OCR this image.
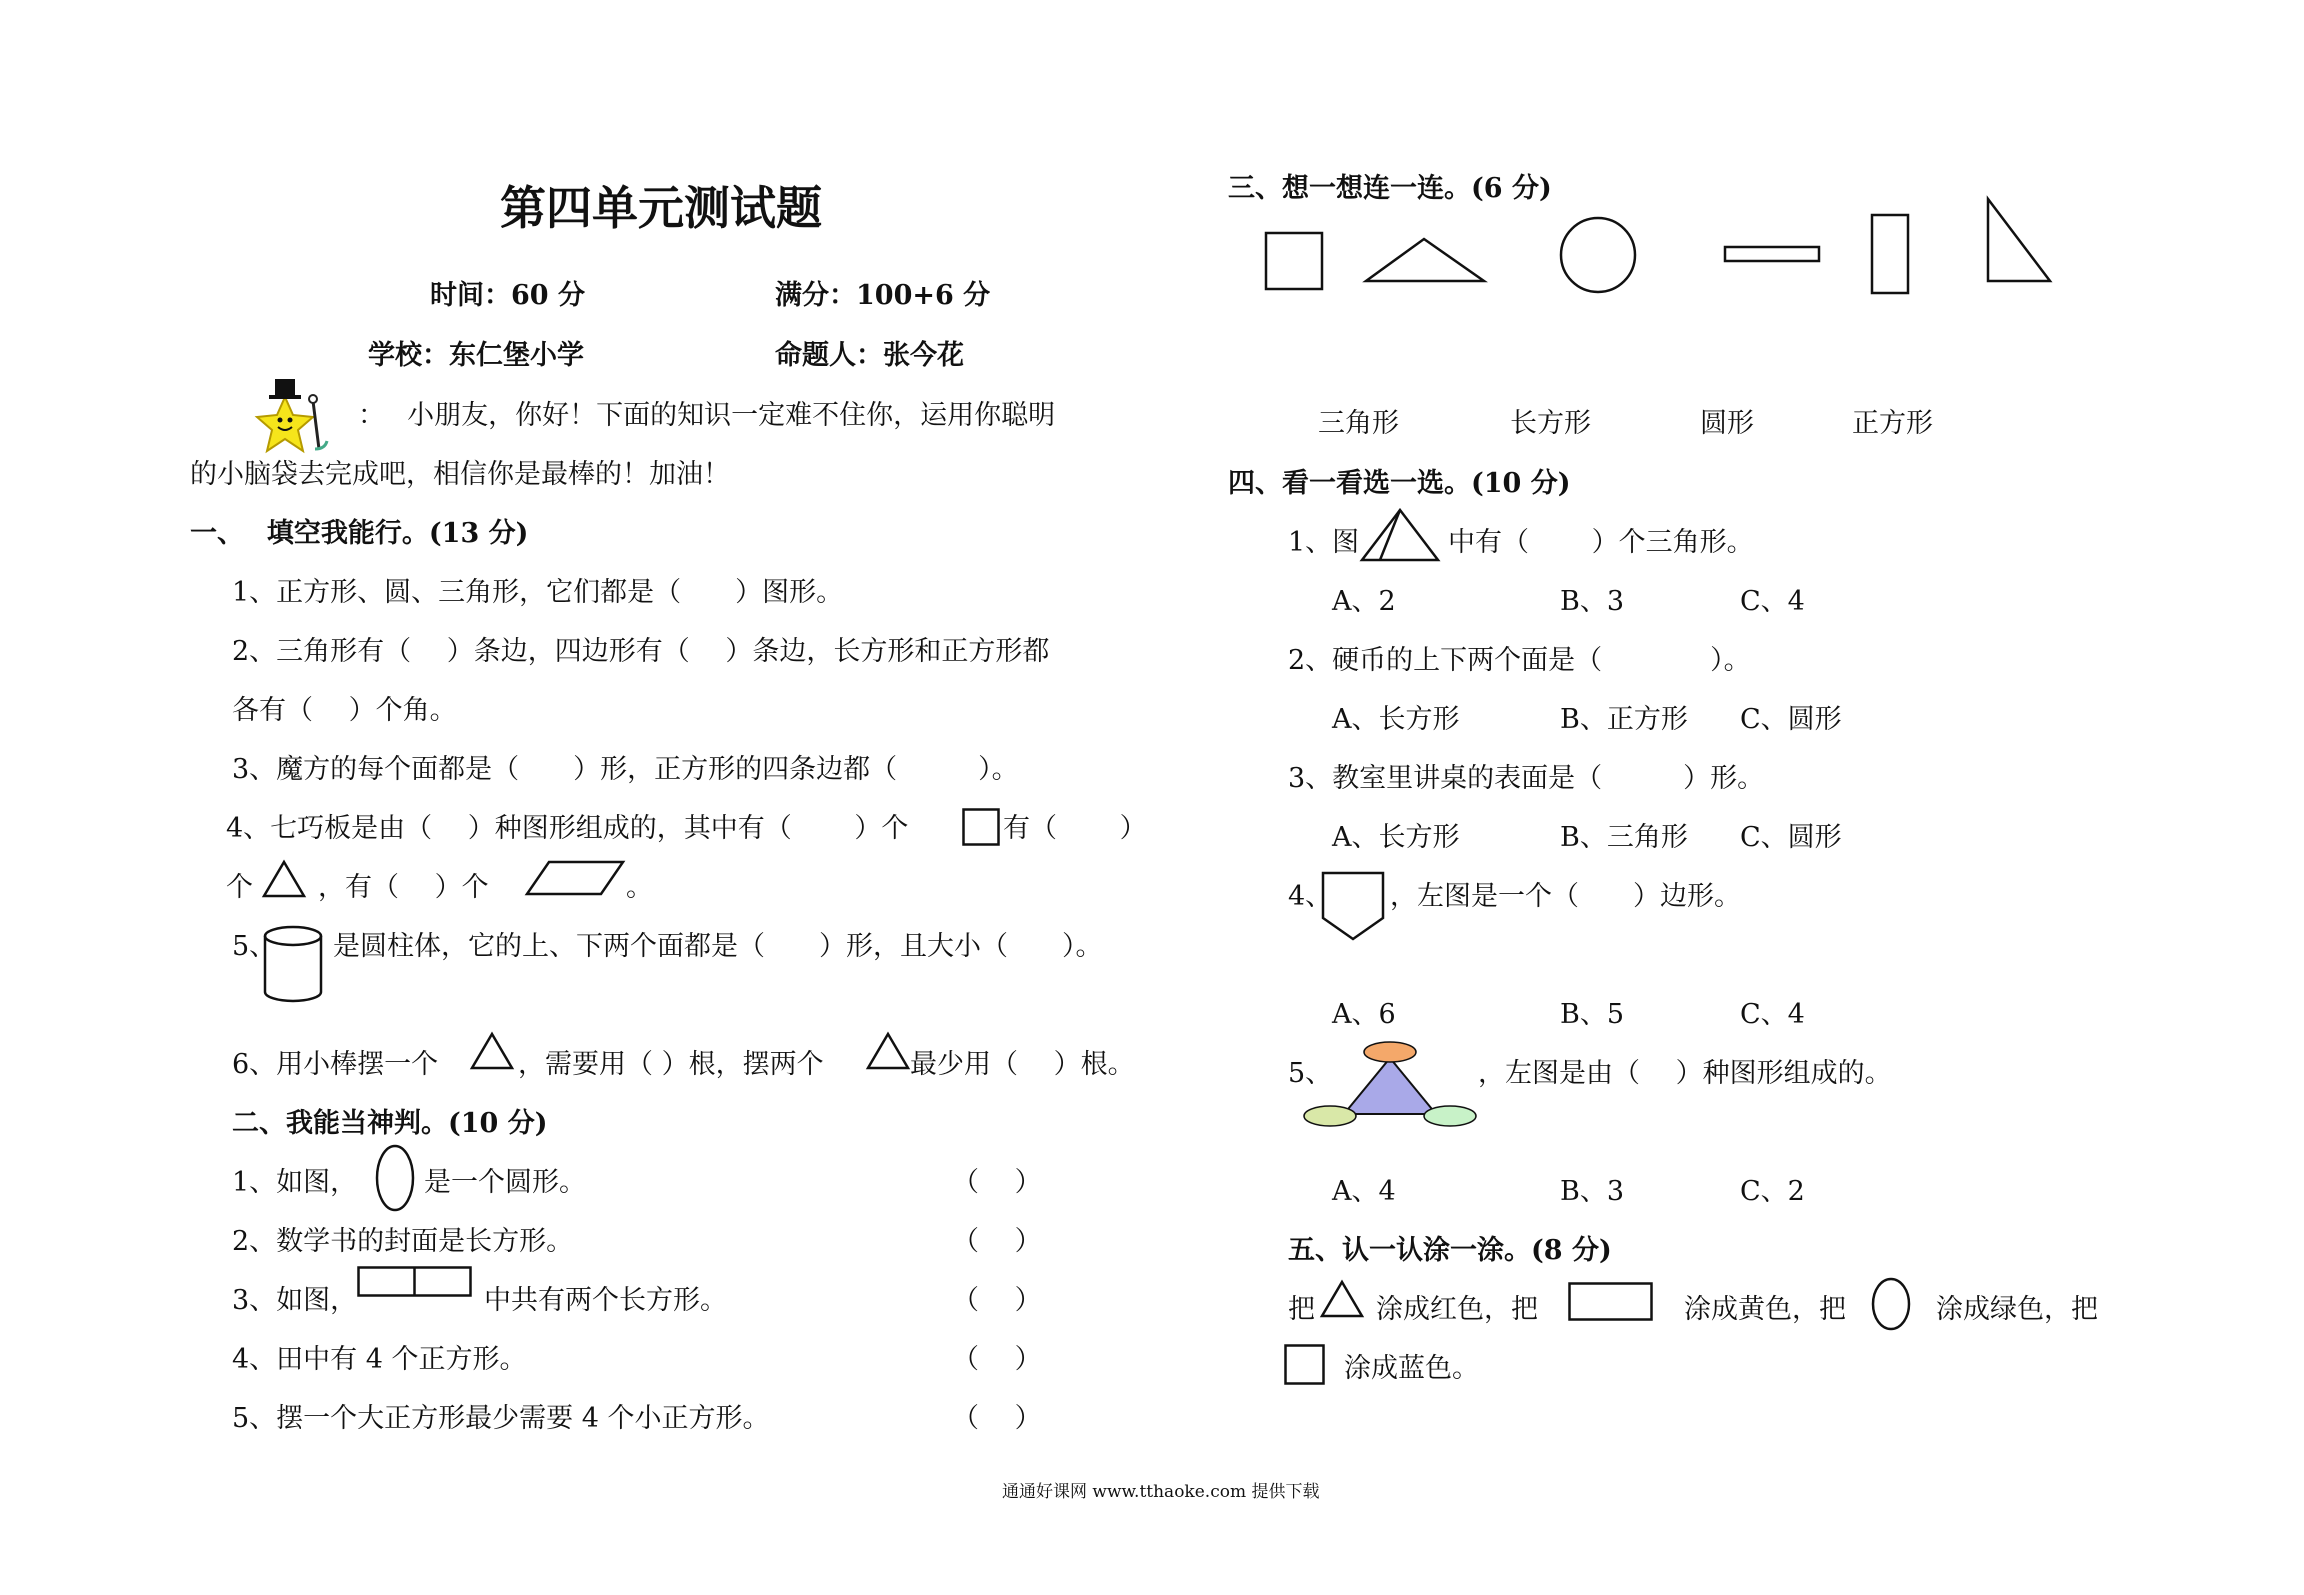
第四单元测试题
时间：60 分	满分：100+6 分
学校：东仁堡小学	命题人：张今花
：　 小朋友，你好！下面的知识一定难不住你，运用你聪明
的小脑袋去完成吧，相信你是最棒的！加油！
一、　 填空我能行。(13 分)
1、正方形、圆、三角形，它们都是（　　）图形。
2、三角形有（　 ）条边，四边形有（　 ）条边，长方形和正方形都
各有（　 ）个角。
3、魔方的每个面都是（　　）形，正方形的四条边都（　　　）。
4、七巧板是由（　 ）种图形组成的，其中有（　　 ）个	有（　　 ）
个 ，有（　 ）个	。
5、 是圆柱体，它的上、下两个面都是（　　）形，且大小（　　）。
6、用小棒摆一个	，需要用（ ）根，摆两个	最少用（　 ）根。
二、我能当神判。(10 分)
1、如图， 是一个圆形。	（　 ）
2、数学书的封面是长方形。	（　 ）
3、如图，	中共有两个长方形。	（　 ）
4、田中有 4 个正方形。	（　 ）
5、摆一个大正方形最少需要 4 个小正方形。	（　 ）
三、想一想连一连。(6 分)
三角形	长方形	圆形	正方形
四、看一看选一选。(10 分)
1、图	中有（　　 ）个三角形。
A、2	B、3	C、4
2、硬币的上下两个面是（　　　　）。
A、长方形	B、正方形 C、圆形
3、教室里讲桌的表面是（　　　）形。
A、长方形	B、三角形 C、圆形
4、 ，左图是一个（　　）边形。
A、6	B、5	C、4
5、	，左图是由（　 ）种图形组成的。
A、4	B、3	C、2
五、认一认涂一涂。(8 分)
把 涂成红色，把	涂成黄色，把	涂成绿色，把
涂成蓝色。
通通好课网 www.tthaoke.com 提供下载
